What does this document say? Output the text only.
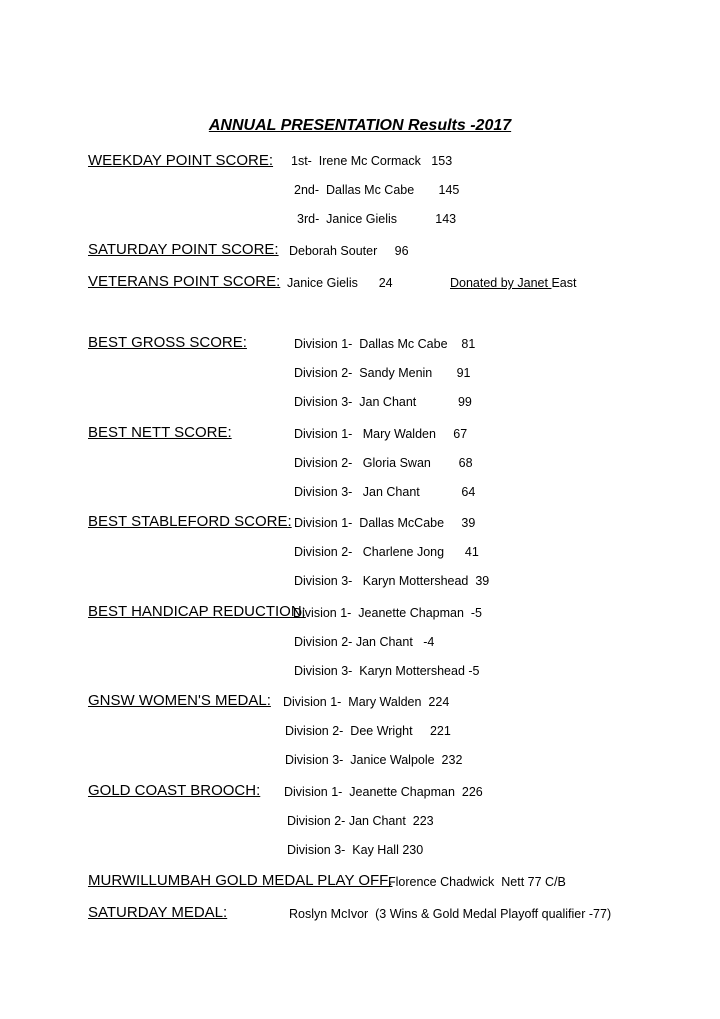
ANNUAL PRESENTATION Results -2017
WEEKDAY POINT SCORE: 1st-  Irene Mc Cormack   153
2nd-  Dallas Mc Cabe       145
3rd-  Janice Gielis           143
SATURDAY POINT SCORE: Deborah Souter     96
VETERANS POINT SCORE: Janice Gielis      24	Donated by Janet East
BEST GROSS SCORE:	Division 1-  Dallas Mc Cabe    81
Division 2-  Sandy Menin       91
Division 3-  Jan Chant            99
BEST NETT SCORE:	Division 1-   Mary Walden     67
Division 2-   Gloria Swan        68
Division 3-   Jan Chant            64
BEST STABLEFORD SCORE: Division 1-  Dallas McCabe     39
Division 2-   Charlene Jong      41
Division 3-   Karyn Mottershead  39
BEST HANDICAP REDUCTION:
Division 1-  Jeanette Chapman  -5
Division 2- Jan Chant   -4
Division 3-  Karyn Mottershead -5
GNSW WOMEN'S MEDAL: Division 1-  Mary Walden  224
Division 2-  Dee Wright     221
Division 3-  Janice Walpole  232
GOLD COAST BROOCH: Division 1-  Jeanette Chapman  226
Division 2- Jan Chant  223
Division 3-  Kay Hall 230
MURWILLUMBAH GOLD MEDAL PLAY OFF:
Florence Chadwick  Nett 77 C/B
SATURDAY MEDAL:	Roslyn McIvor  (3 Wins & Gold Medal Playoff qualifier -77)
